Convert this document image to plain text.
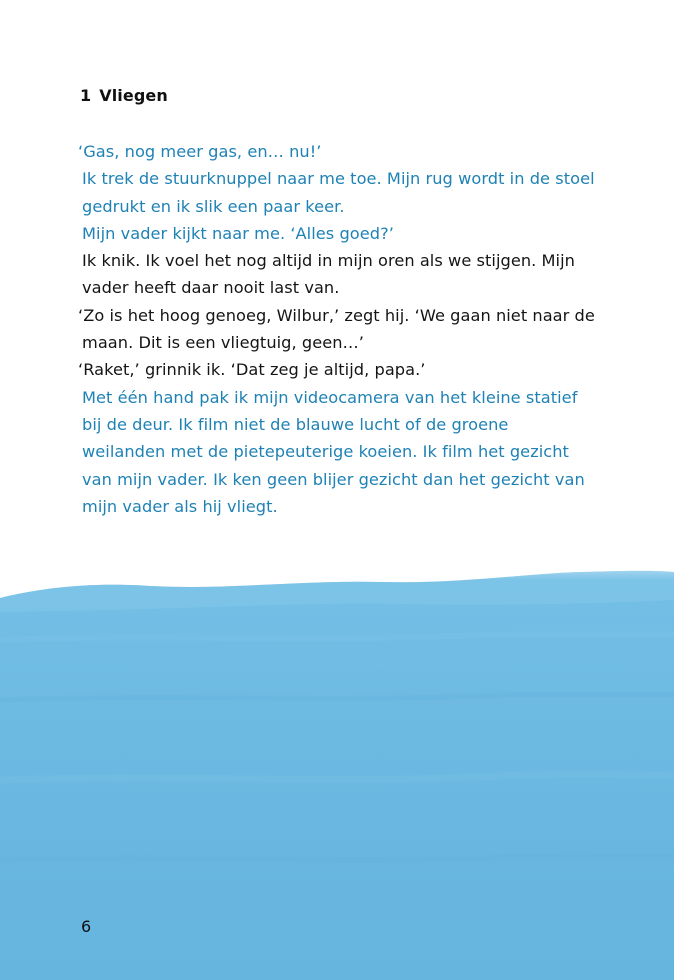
1 Vliegen
‘Gas, nog meer gas, en… nu!’
Ik trek de stuurknuppel naar me toe. Mijn rug wordt in de stoel
gedrukt en ik slik een paar keer.
Mijn vader kijkt naar me. ‘Alles goed?’
Ik knik. Ik voel het nog altijd in mijn oren als we stijgen. Mijn
vader heeft daar nooit last van.
‘Zo is het hoog genoeg, Wilbur,’ zegt hij. ‘We gaan niet naar de
maan. Dit is een vliegtuig, geen…’
‘Raket,’ grinnik ik. ‘Dat zeg je altijd, papa.’
Met één hand pak ik mijn videocamera van het kleine statief
bij de deur. Ik film niet de blauwe lucht of de groene
weilanden met de pietepeuterige koeien. Ik film het gezicht
van mijn vader. Ik ken geen blijer gezicht dan het gezicht van
mijn vader als hij vliegt.
6
